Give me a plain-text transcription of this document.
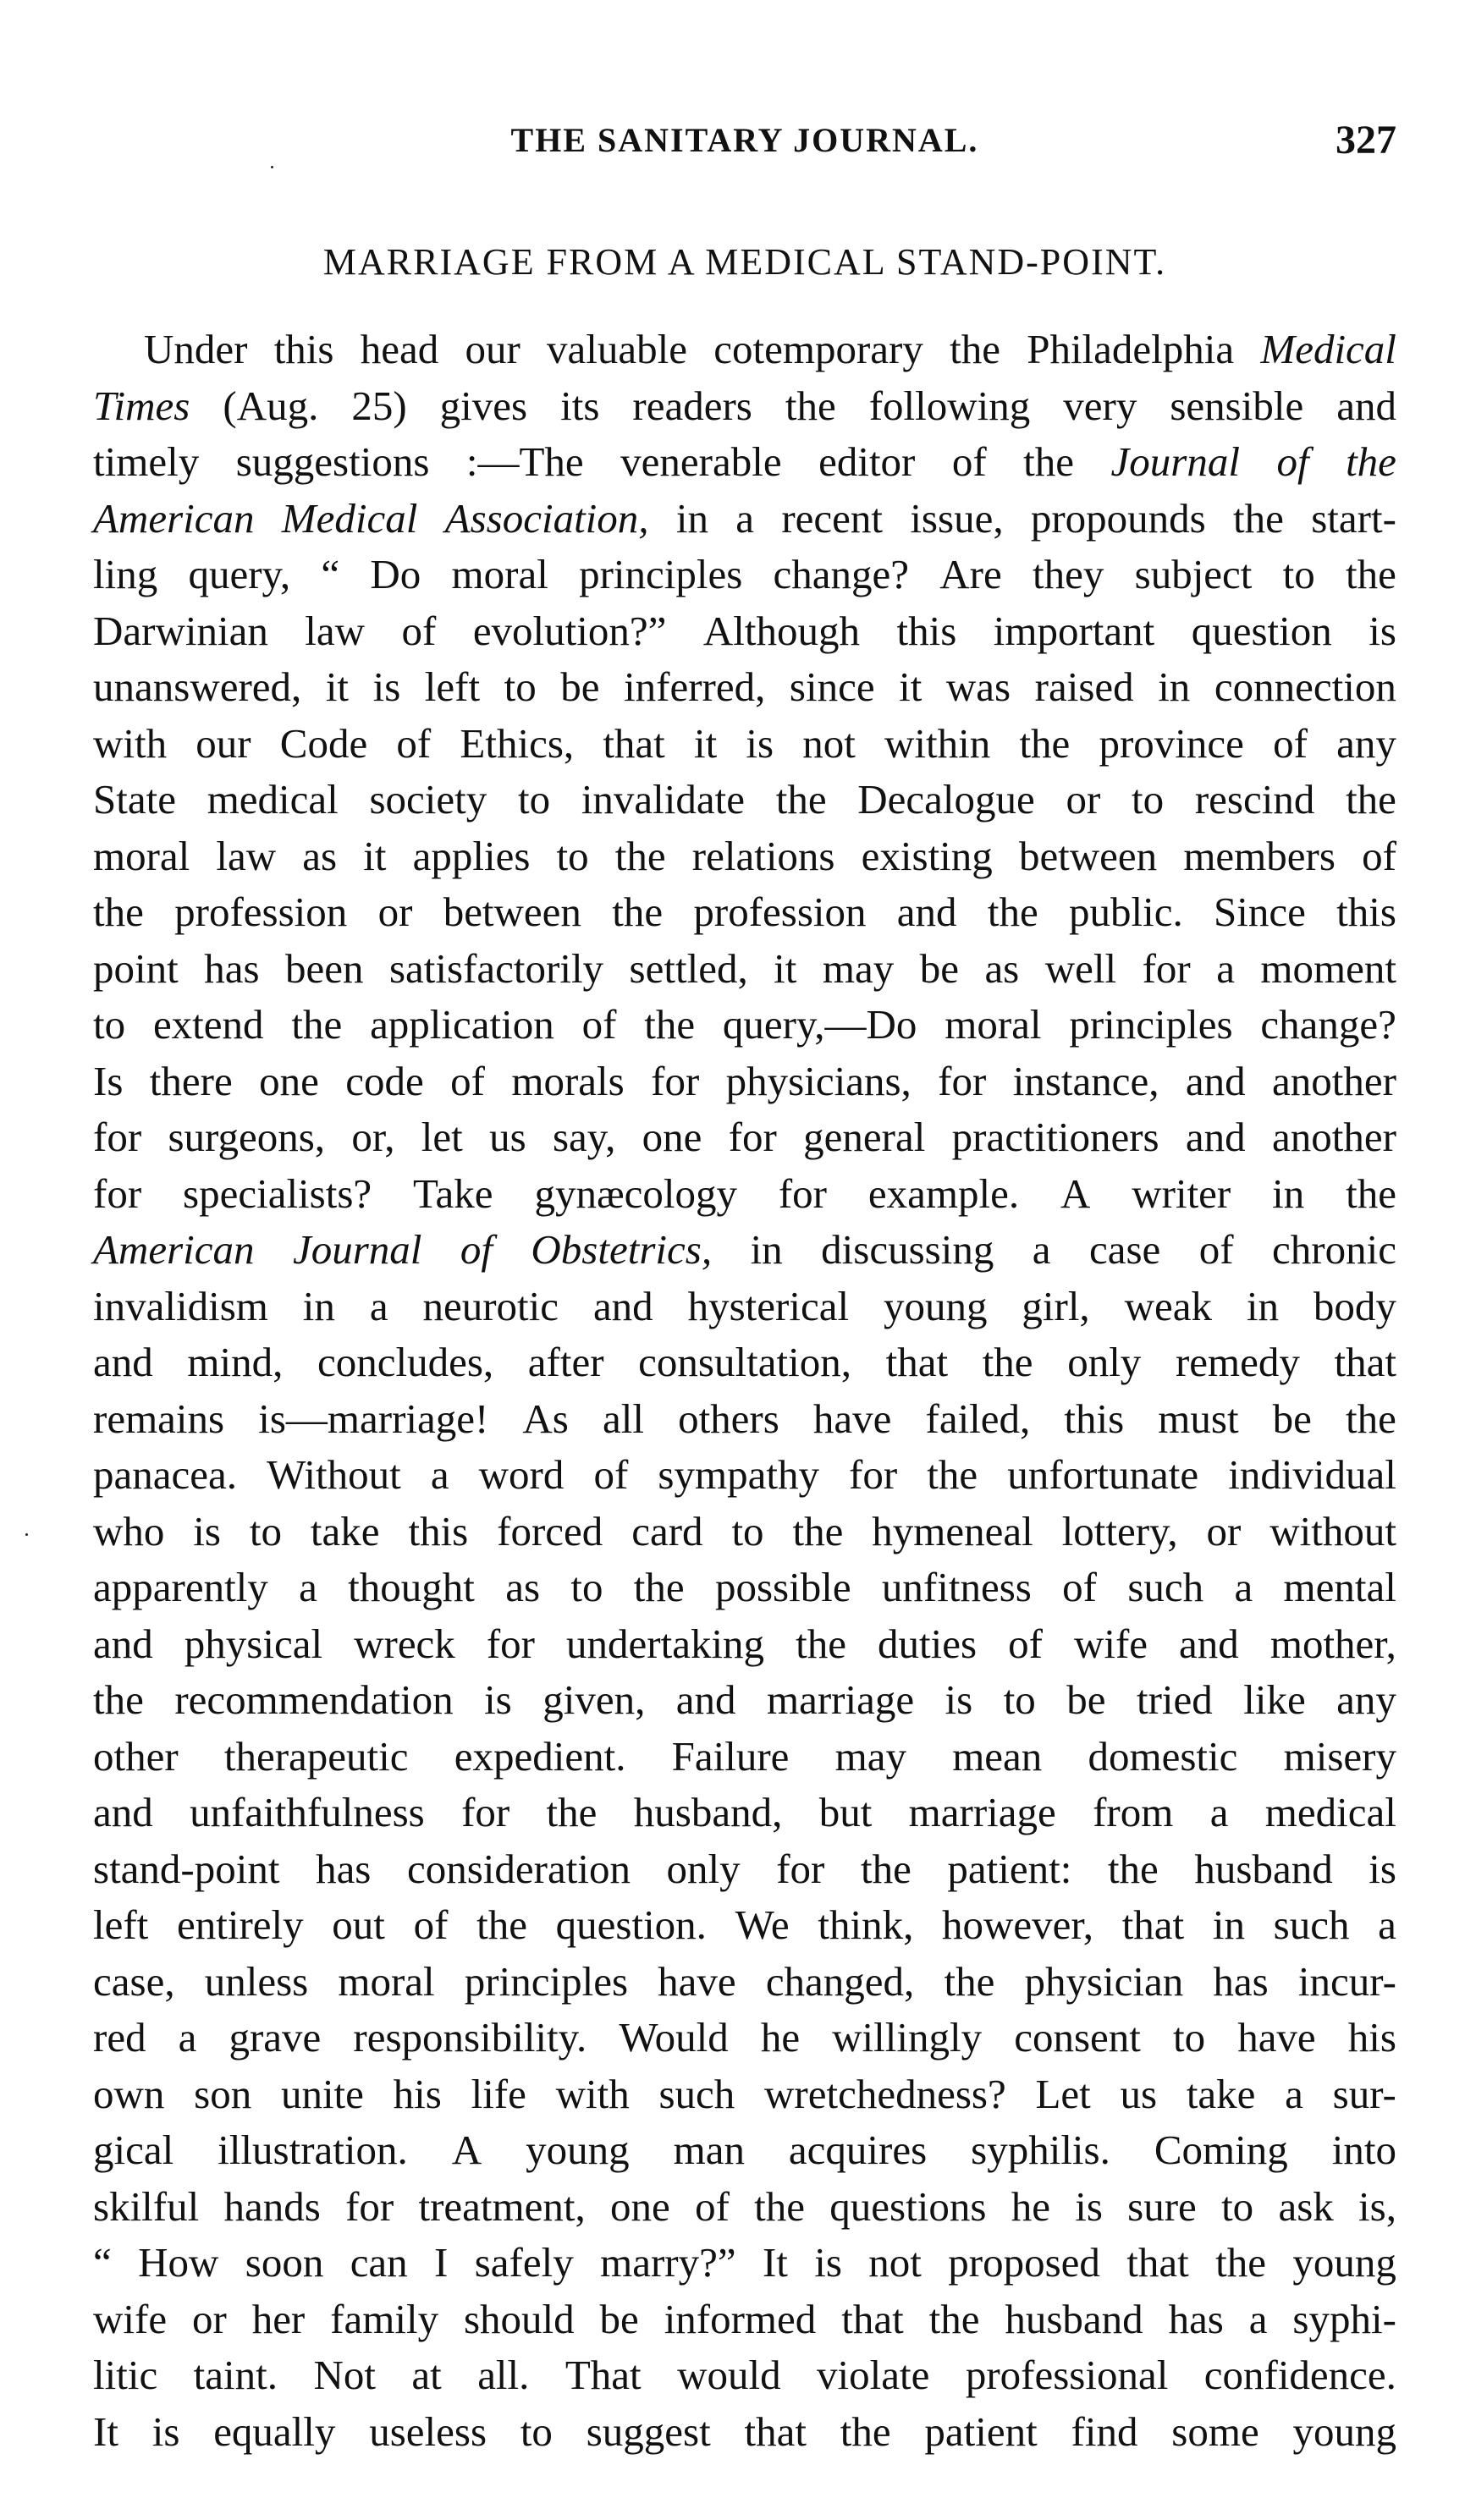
THE SANITARY JOURNAL.	327
MARRIAGE FROM A MEDICAL STAND-POINT.
Under this head our valuable cotemporary the Philadelphia Medical
Times (Aug. 25) gives its readers the following very sensible and
timely suggestions :—The venerable editor of the Journal of the
American Medical Association, in a recent issue, propounds the start-
ling query, “ Do moral principles change? Are they subject to the
Darwinian law of evolution?” Although this important question is
unanswered, it is left to be inferred, since it was raised in connection
with our Code of Ethics, that it is not within the province of any
State medical society to invalidate the Decalogue or to rescind the
moral law as it applies to the relations existing between members of
the profession or between the profession and the public. Since this
point has been satisfactorily settled, it may be as well for a moment
to extend the application of the query,—Do moral principles change?
Is there one code of morals for physicians, for instance, and another
for surgeons, or, let us say, one for general practitioners and another
for specialists? Take gynæcology for example. A writer in the
American Journal of Obstetrics, in discussing a case of chronic
invalidism in a neurotic and hysterical young girl, weak in body
and mind, concludes, after consultation, that the only remedy that
remains is—marriage! As all others have failed, this must be the
panacea. Without a word of sympathy for the unfortunate individual
who is to take this forced card to the hymeneal lottery, or without
apparently a thought as to the possible unfitness of such a mental
and physical wreck for undertaking the duties of wife and mother,
the recommendation is given, and marriage is to be tried like any
other therapeutic expedient. Failure may mean domestic misery
and unfaithfulness for the husband, but marriage from a medical
stand-point has consideration only for the patient: the husband is
left entirely out of the question. We think, however, that in such a
case, unless moral principles have changed, the physician has incur-
red a grave responsibility. Would he willingly consent to have his
own son unite his life with such wretchedness? Let us take a sur-
gical illustration. A young man acquires syphilis. Coming into
skilful hands for treatment, one of the questions he is sure to ask is,
“ How soon can I safely marry?” It is not proposed that the young
wife or her family should be informed that the husband has a syphi-
litic taint. Not at all. That would violate professional confidence.
It is equally useless to suggest that the patient find some young
